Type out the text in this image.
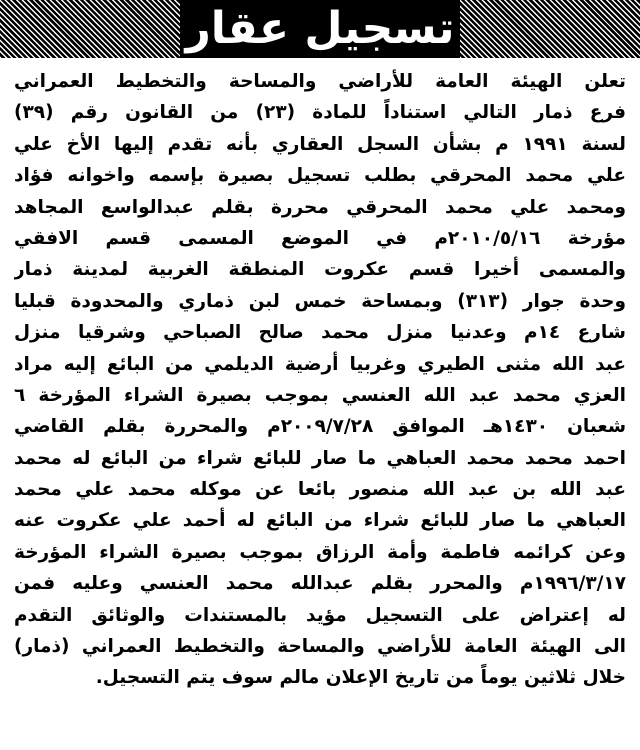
تسجيل عقار
تعلن الهيئة العامة للأراضي والمساحة والتخطيط العمراني
فرع ذمار التالي استناداً للمادة (٢٣) من القانون رقم (٣٩)
لسنة ١٩٩١ م بشأن السجل العقاري بأنه تقدم إليها الأخ علي
علي محمد المحرقي بطلب تسجيل بصيرة بإسمه واخوانه فؤاد
ومحمد علي محمد المحرقي محررة بقلم عبدالواسع المجاهد
مؤرخة ٢٠١٠/٥/١٦م في الموضع المسمى قسم الافقي
والمسمى أخيرا قسم عكروت المنطقة الغربية لمدينة ذمار
وحدة جوار (٣١٣) وبمساحة خمس لبن ذماري والمحدودة قبليا
شارع ١٤م وعدنيا منزل محمد صالح الصباحي وشرقيا منزل
عبد الله مثنى الطيري وغربيا أرضية الديلمي من البائع إليه مراد
العزي محمد عبد الله العنسي بموجب بصيرة الشراء المؤرخة ٦
شعبان ١٤٣٠هـ الموافق ٢٠٠٩/٧/٢٨م والمحررة بقلم القاضي
احمد محمد محمد العباهي ما صار للبائع شراء من البائع له محمد
عبد الله بن عبد الله منصور بائعا عن موكله محمد علي محمد
العباهي ما صار للبائع شراء من البائع له أحمد علي عكروت عنه
وعن كرائمه فاطمة وأمة الرزاق بموجب بصيرة الشراء المؤرخة
١٩٩٦/٣/١٧م والمحرر بقلم عبدالله محمد العنسي وعليه فمن
له إعتراض على التسجيل مؤيد بالمستندات والوثائق التقدم
الى الهيئة العامة للأراضي والمساحة والتخطيط العمراني (ذمار)
خلال ثلاثين يوماً من تاريخ الإعلان مالم سوف يتم التسجيل.
